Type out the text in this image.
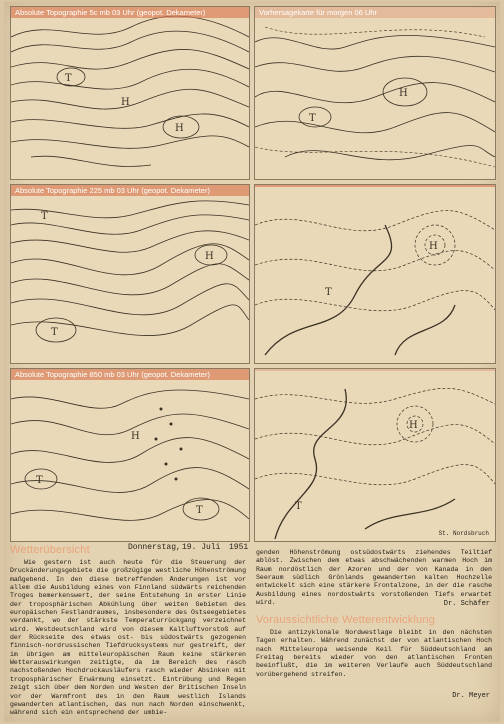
T
H
H
Absolute Topographie 5c mb 03 Uhr (geopot. Dekameter)
H
T
Vorhersagekarte für morgen 06 Uhr
T
H
T
Absolute Topographie 225 mb 03 Uhr (geopot. Dekameter)
H
T
T
T
H
Absolute Topographie 850 mb 03 Uhr (geopot. Dekameter)
H
T
St. Nordsbruch
Donnerstag, 19. Juli 1951
Wetterübersicht

Wie gestern ist auch heute für die Steuerung der Druckänderungsgebiete die großzügige westliche Höhenströmung maßgebend. In den diese betreffenden Änderungen ist vor allem die Ausbildung eines von Finnland südwärts reichenden Troges bemerkenswert, der seine Entstehung in erster Linie der troposphärischen Abkühlung über weiten Gebieten des europäischen Festlandraumes, insbesondere des Ostseegebietes verdankt, wo der stärkste Temperaturrückgang verzeichnet wird. Westdeutschland wird von diesem Kaltluftvorstoß auf der Rückseite des etwas ost- bis südostwärts gezogenen finnisch-nordrussischen Tiefdrucksystems nur gestreift, der im übrigen am mitteleuropäischen Raum keine stärkeren Wetterauswirkungen zeitigte, da im Bereich des rasch nachstoßenden Hochdruckausläufers rasch wieder Absinken mit troposphärischer Erwärmung einsetzt. Eintrübung und Regen zeigt sich über dem Norden und Westen der Britischen Inseln vor der Warmfront des in den Raum westlich Islands gewanderten atlantischen, das nun nach Norden einschwenkt, während sich ein entsprechend der umbie-

genden Höhenströmung ostsüdostwärts ziehendes Teiltief ablöst. Zwischen dem etwas abschwächenden warmen Hoch im Raum nordöstlich der Azoren und der von Kanada in den Seeraum südlich Grönlands gewanderten kalten Hochzelle entwickelt sich eine stärkere Frontalzone, in der die rasche Ausbildung eines nordostwärts vorstoßenden Tiefs erwartet wird.	Dr. Schäfer
Voraussichtliche Wetterentwicklung

Die antizyklonale Nordwestlage bleibt in den nächsten Tagen erhalten. Während zunächst der von atlantischen Hoch nach Mitteleuropa weisende Keil für Süddeutschland am Freitag bereits wieder von den atlantischen Fronten beeinflußt, die im weiteren Verlaufe auch Süddeutschland vorübergehend streifen.

Dr. Meyer
